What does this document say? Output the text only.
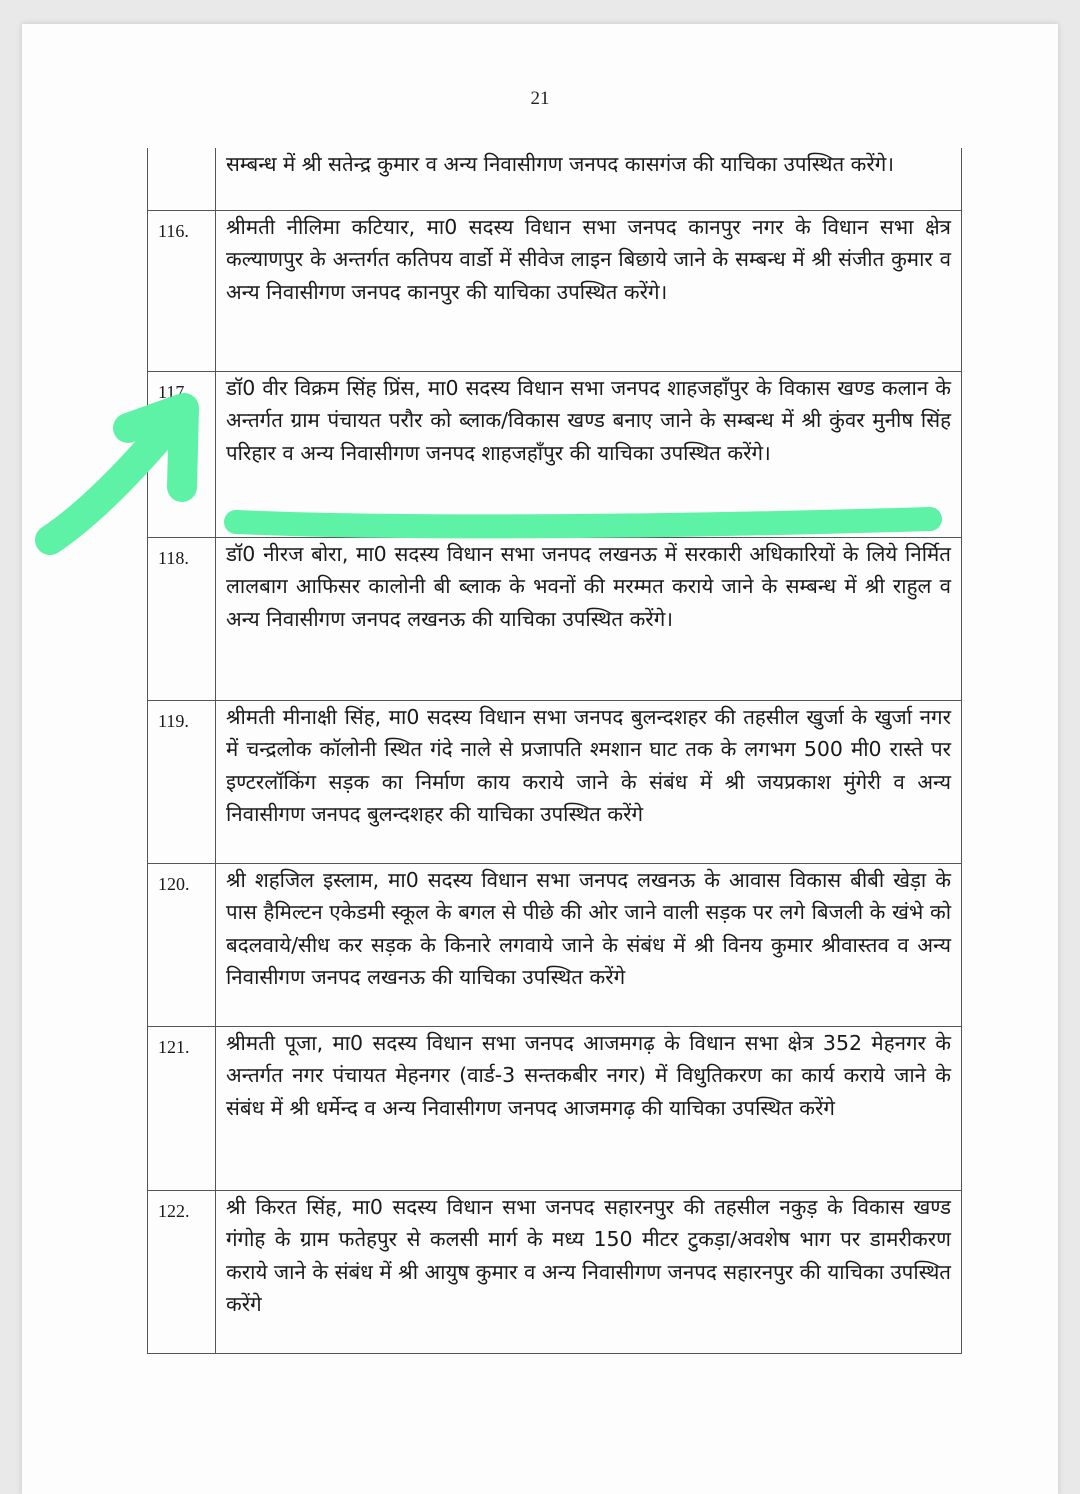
21
	सम्बन्ध में श्री सतेन्द्र कुमार व अन्य निवासीगण जनपद कासगंज की याचिका उपस्थित करेंगे।
116.	श्रीमती नीलिमा कटियार, मा0 सदस्य विधान सभा जनपद कानपुर नगर के विधान सभा क्षेत्र कल्याणपुर के अन्तर्गत कतिपय वार्डो में सीवेज लाइन बिछाये जाने के सम्बन्ध में श्री संजीत कुमार व अन्य निवासीगण जनपद कानपुर की याचिका उपस्थित करेंगे।
117.	डॉ0 वीर विक्रम सिंह प्रिंस, मा0 सदस्य विधान सभा जनपद शाहजहाँपुर के विकास खण्ड कलान के अन्तर्गत ग्राम पंचायत परौर को ब्लाक/विकास खण्ड बनाए जाने के सम्बन्ध में श्री कुंवर मुनीष सिंह परिहार व अन्य निवासीगण जनपद शाहजहाँपुर की याचिका उपस्थित करेंगे।
118.	डॉ0 नीरज बोरा, मा0 सदस्य विधान सभा जनपद लखनऊ में सरकारी अधिकारियों के लिये निर्मित लालबाग आफिसर कालोनी बी ब्लाक के भवनों की मरम्मत कराये जाने के सम्बन्ध में श्री राहुल व अन्य निवासीगण जनपद लखनऊ की याचिका उपस्थित करेंगे।
119.	श्रीमती मीनाक्षी सिंह, मा0 सदस्य विधान सभा जनपद बुलन्दशहर की तहसील खुर्जा के खुर्जा नगर में चन्द्रलोक कॉलोनी स्थित गंदे नाले से प्रजापति श्मशान घाट तक के लगभग 500 मी0 रास्ते पर इण्टरलॉकिंग सड़क का निर्माण काय कराये जाने के संबंध में श्री जयप्रकाश मुंगेरी व अन्य निवासीगण जनपद बुलन्दशहर की याचिका उपस्थित करेंगे
120.	श्री शहजिल इस्लाम, मा0 सदस्य विधान सभा जनपद लखनऊ के आवास विकास बीबी खेड़ा के पास हैमिल्टन एकेडमी स्कूल के बगल से पीछे की ओर जाने वाली सड़क पर लगे बिजली के खंभे को बदलवाये/सीध कर सड़क के किनारे लगवाये जाने के संबंध में श्री विनय कुमार श्रीवास्तव व अन्य निवासीगण जनपद लखनऊ की याचिका उपस्थित करेंगे
121.	श्रीमती पूजा, मा0 सदस्य विधान सभा जनपद आजमगढ़ के विधान सभा क्षेत्र 352 मेहनगर के अन्तर्गत नगर पंचायत मेहनगर (वार्ड-3 सन्तकबीर नगर) में विधुतिकरण का कार्य कराये जाने के संबंध में श्री धर्मेन्द व अन्य निवासीगण जनपद आजमगढ़ की याचिका उपस्थित करेंगे
122.	श्री किरत सिंह, मा0 सदस्य विधान सभा जनपद सहारनपुर की तहसील नकुड़ के विकास खण्ड गंगोह के ग्राम फतेहपुर से कलसी मार्ग के मध्य 150 मीटर टुकड़ा/अवशेष भाग पर डामरीकरण कराये जाने के संबंध में श्री आयुष कुमार व अन्य निवासीगण जनपद सहारनपुर की याचिका उपस्थित करेंगे
